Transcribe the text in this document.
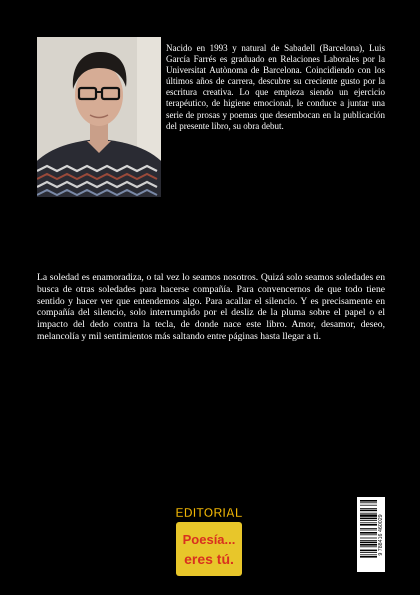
Nacido en 1993 y natural de Sabadell (Barcelona), Luis García Farrés es graduado en Relaciones Laborales por la Universitat Autònoma de Barcelona. Coincidiendo con los últimos años de carrera, descubre su creciente gusto por la escritura creativa. Lo que empieza siendo un ejercicio terapéutico, de higiene emocional, le conduce a juntar una serie de prosas y poemas que desembocan en la publicación del presente libro, su obra debut.

La soledad es enamoradiza, o tal vez lo seamos nosotros. Quizá solo seamos soledades en busca de otras soledades para hacerse compañía. Para convencernos de que todo tiene sentido y hacer ver que entendemos algo. Para acallar el silencio. Y es precisamente en compañía del silencio, solo interrumpido por el desliz de la pluma sobre el papel o el impacto del dedo contra la tecla, de donde nace este libro. Amor, desamor, deseo, melancolía y mil sentimientos más saltando entre páginas hasta llegar a ti.

EDITORIAL
Poesía...
eres tú.
9 788416 460029
